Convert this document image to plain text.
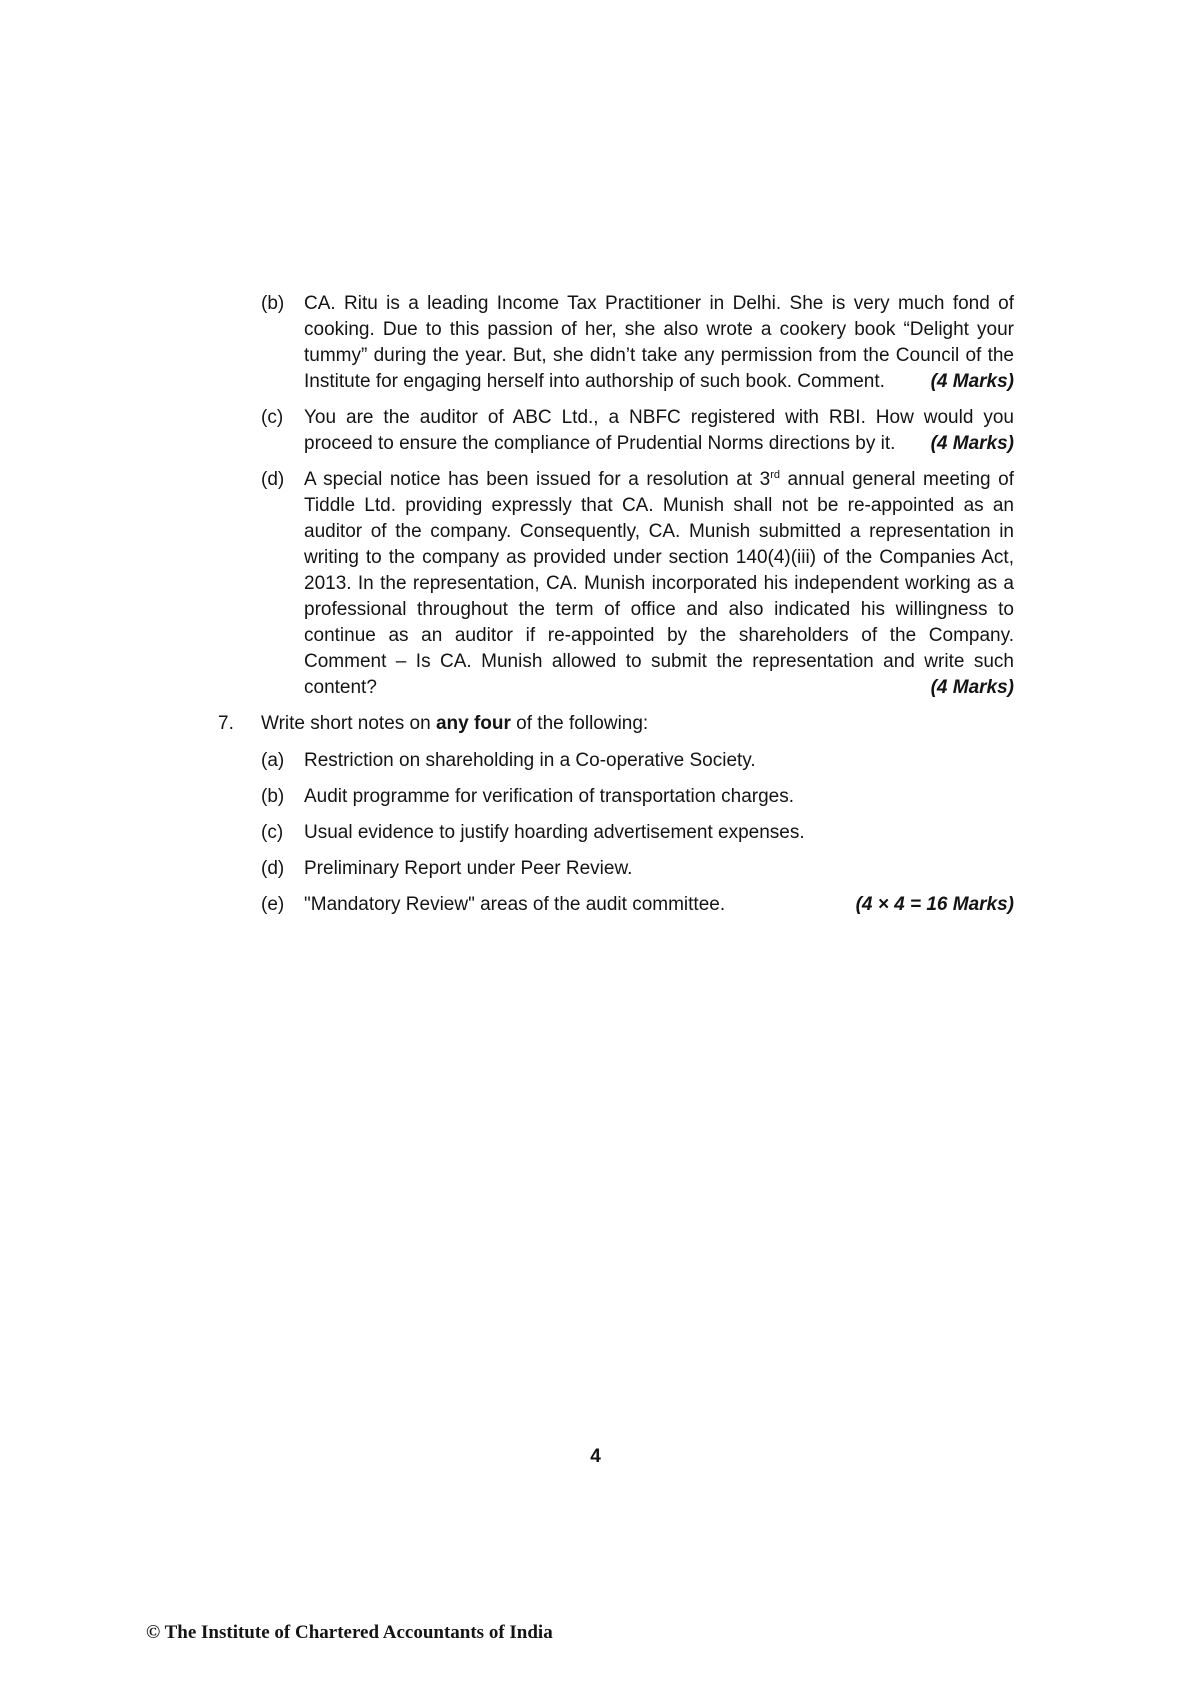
(b) CA. Ritu is a leading Income Tax Practitioner in Delhi. She is very much fond of cooking. Due to this passion of her, she also wrote a cookery book “Delight your tummy” during the year. But, she didn’t take any permission from the Council of the Institute for engaging herself into authorship of such book. Comment. (4 Marks)
(c) You are the auditor of ABC Ltd., a NBFC registered with RBI. How would you proceed to ensure the compliance of Prudential Norms directions by it. (4 Marks)
(d) A special notice has been issued for a resolution at 3rd annual general meeting of Tiddle Ltd. providing expressly that CA. Munish shall not be re-appointed as an auditor of the company. Consequently, CA. Munish submitted a representation in writing to the company as provided under section 140(4)(iii) of the Companies Act, 2013. In the representation, CA. Munish incorporated his independent working as a professional throughout the term of office and also indicated his willingness to continue as an auditor if re-appointed by the shareholders of the Company. Comment – Is CA. Munish allowed to submit the representation and write such content?	(4 Marks)
7. Write short notes on any four of the following:
(a) Restriction on shareholding in a Co-operative Society.
(b) Audit programme for verification of transportation charges.
(c) Usual evidence to justify hoarding advertisement expenses.
(d) Preliminary Report under Peer Review.
(e) "Mandatory Review" areas of the audit committee.	(4 × 4 = 16 Marks)
4
© The Institute of Chartered Accountants of India
